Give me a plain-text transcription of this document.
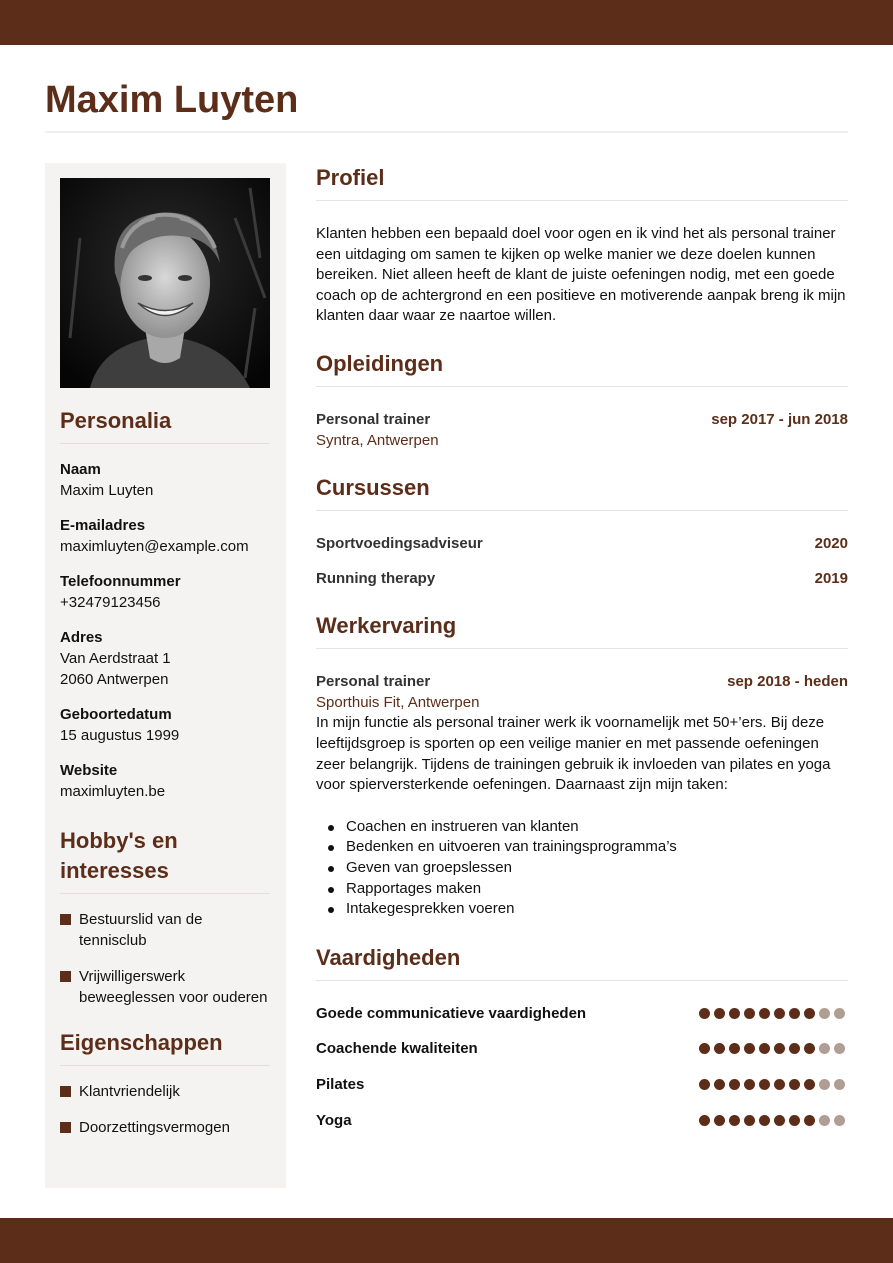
Maxim Luyten
Personalia
Naam
Maxim Luyten
E-mailadres
maximluyten@example.com
Telefoonnummer
+32479123456
Adres
Van Aerdstraat 1
2060 Antwerpen
Geboortedatum
15 augustus 1999
Website
maximluyten.be
Hobby's en interesses
Bestuurslid van de tennisclub
Vrijwilligerswerk beweeglessen voor ouderen
Eigenschappen
Klantvriendelijk
Doorzettingsvermogen
Profiel

Klanten hebben een bepaald doel voor ogen en ik vind het als personal trainer een uitdaging om samen te kijken op welke manier we deze doelen kunnen bereiken. Niet alleen heeft de klant de juiste oefeningen nodig, met een goede coach op de achtergrond en een positieve en motiverende aanpak breng ik mijn klanten daar waar ze naartoe willen.

Opleidingen
Personal trainer	sep 2017 - jun 2018
Syntra, Antwerpen
Cursussen
Sportvoedingsadviseur	2020
Running therapy	2019
Werkervaring
Personal trainer	sep 2018 - heden
Sporthuis Fit, Antwerpen

In mijn functie als personal trainer werk ik voornamelijk met 50+’ers. Bij deze leeftijdsgroep is sporten op een veilige manier en met passende oefeningen zeer belangrijk. Tijdens de trainingen gebruik ik invloeden van pilates en yoga voor spierversterkende oefeningen. Daarnaast zijn mijn taken:

Coachen en instrueren van klanten
Bedenken en uitvoeren van trainingsprogramma’s
Geven van groepslessen
Rapportages maken
Intakegesprekken voeren
Vaardigheden
Goede communicatieve vaardigheden
Coachende kwaliteiten
Pilates
Yoga
